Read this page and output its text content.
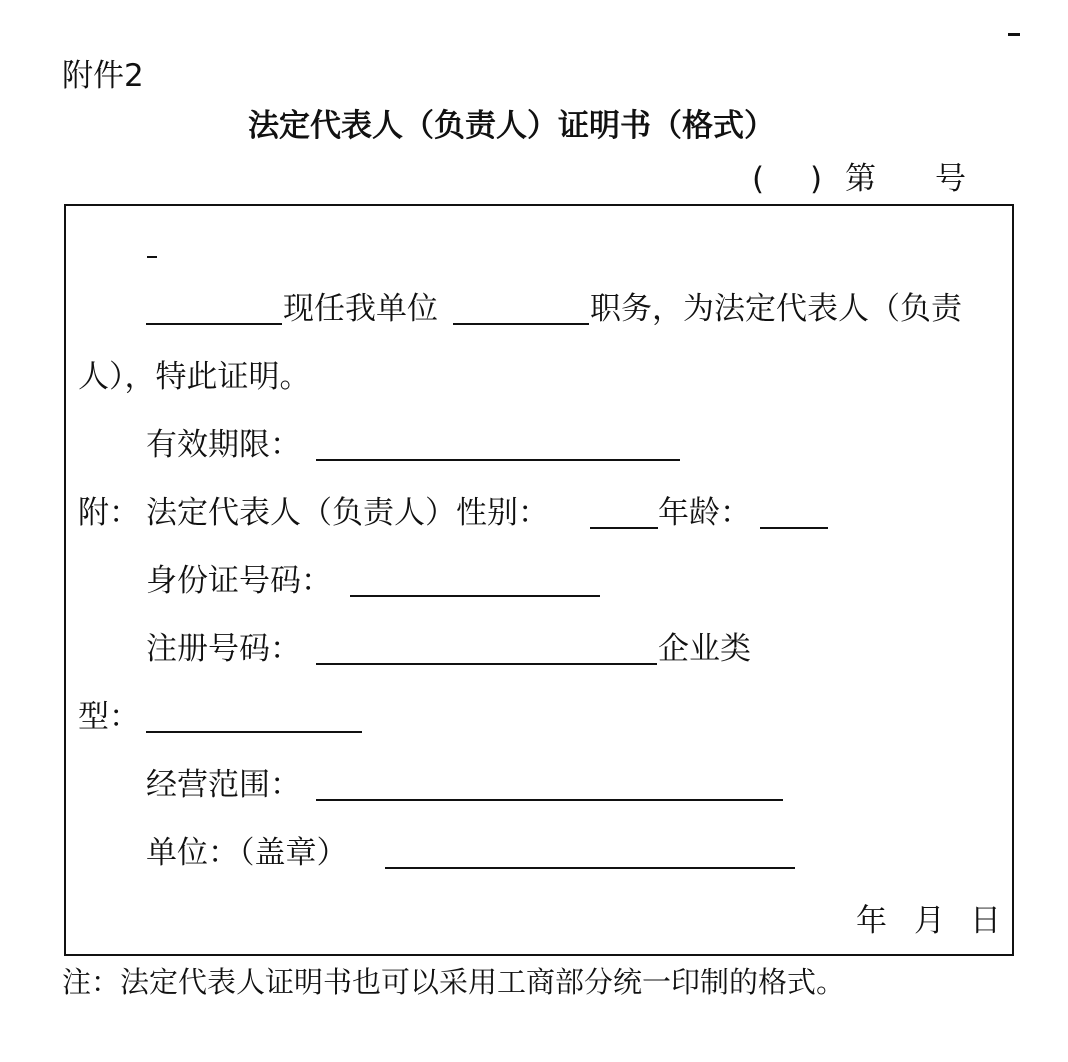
附件2
法定代表人（负责人）证明书（格式）
( ) 第 号
现任我单位	职务，为法定代表人（负责
人），特此证明。
有效期限：
附： 法定代表人（负责人）性别：	年龄：
身份证号码：
注册号码：	企业类
型：
经营范围：
单位：（盖章）
年 月 日
注：法定代表人证明书也可以采用工商部分统一印制的格式。
